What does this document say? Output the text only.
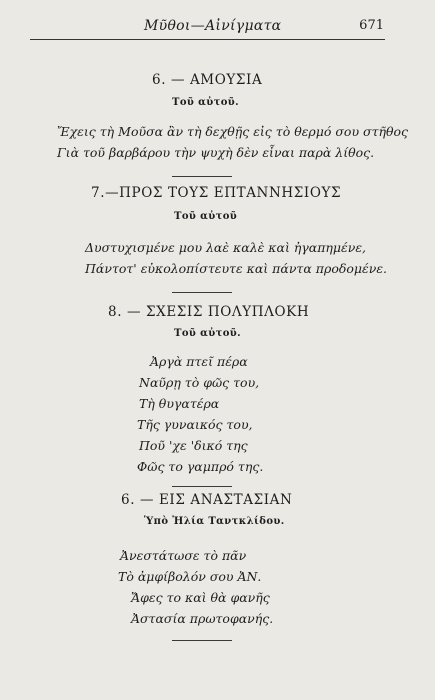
Μῦθοι—Αἰνίγματα	671
6. — ΑΜΟΥΣΙΑ
Τοῦ αὐτοῦ.
Ἔχεις τὴ Μοῦσα ἂν τὴ δεχθῇς εἰς τὸ θερμό σου στῆθος
Γιὰ τοῦ βαρβάρου τὴν ψυχὴ δὲν εἶναι παρὰ λίθος.
7.—ΠΡΟΣ ΤΟΥΣ ΕΠΤΑΝΝΗΣΙΟΥΣ
Τοῦ αὐτοῦ
Δυστυχισμένε μου λαὲ καλὲ καὶ ἠγαπημένε,
Πάντοτ' εὐκολοπίστευτε καὶ πάντα προδομένε.
8. — ΣΧΕΣΙΣ ΠΟΛΥΠΛΟΚΗ
Τοῦ αὐτοῦ.
Ἀργὰ πτεῖ πέρα
Ναῦρῃ τὸ φῶς του,
Τὴ θυγατέρα
Τῆς γυναικός του,
Ποῦ 'χε 'δικό της
Φῶς το γαμπρό της.
6. — ΕΙΣ ΑΝΑΣΤΑΣΙΑΝ
Ὑπὸ Ἠλία Ταντκλίδου.
Ἀνεστάτωσε τὸ πᾶν
Τὸ ἀμφίβολόν σου ἈΝ.
Ἄφες το καὶ θὰ φανῆς
Ἀστασία πρωτοφανής.
